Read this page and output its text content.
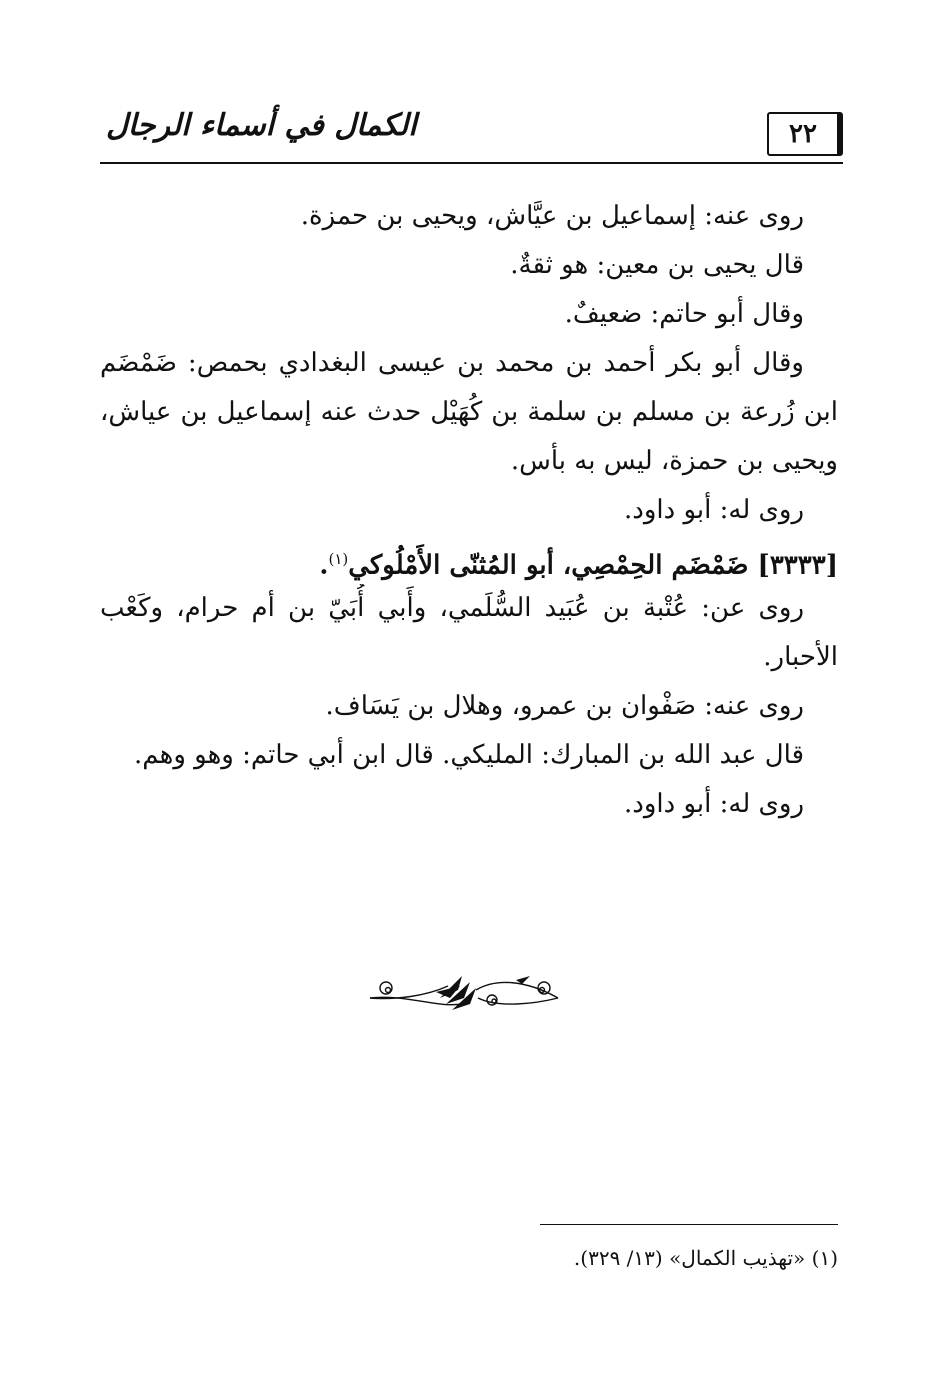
٢٢
الكمال في أسماء الرجال
روى عنه: إسماعيل بن عيَّاش، ويحيى بن حمزة.
قال يحيى بن معين: هو ثقةٌ.
وقال أبو حاتم: ضعيفٌ.
وقال أبو بكر أحمد بن محمد بن عيسى البغدادي بحمص: ضَمْضَم
ابن زُرعة بن مسلم بن سلمة بن كُهَيْل حدث عنه إسماعيل بن عياش،
ويحيى بن حمزة، ليس به بأس.
روى له: أبو داود.
[٣٣٣٣] ضَمْضَم الحِمْصِي، أبو المُثنّى الأَمْلُوكي$^{(١)}$.
روى عن: عُتْبة بن عُبَيد السُّلَمي، وأَبي أُبَيّ بن أم حرام، وكَعْب
الأحبار.
روى عنه: صَفْوان بن عمرو، وهلال بن يَسَاف.
قال عبد الله بن المبارك: المليكي. قال ابن أبي حاتم: وهو وهم.
روى له: أبو داود.
(١) «تهذيب الكمال» (١٣/ ٣٢٩).
